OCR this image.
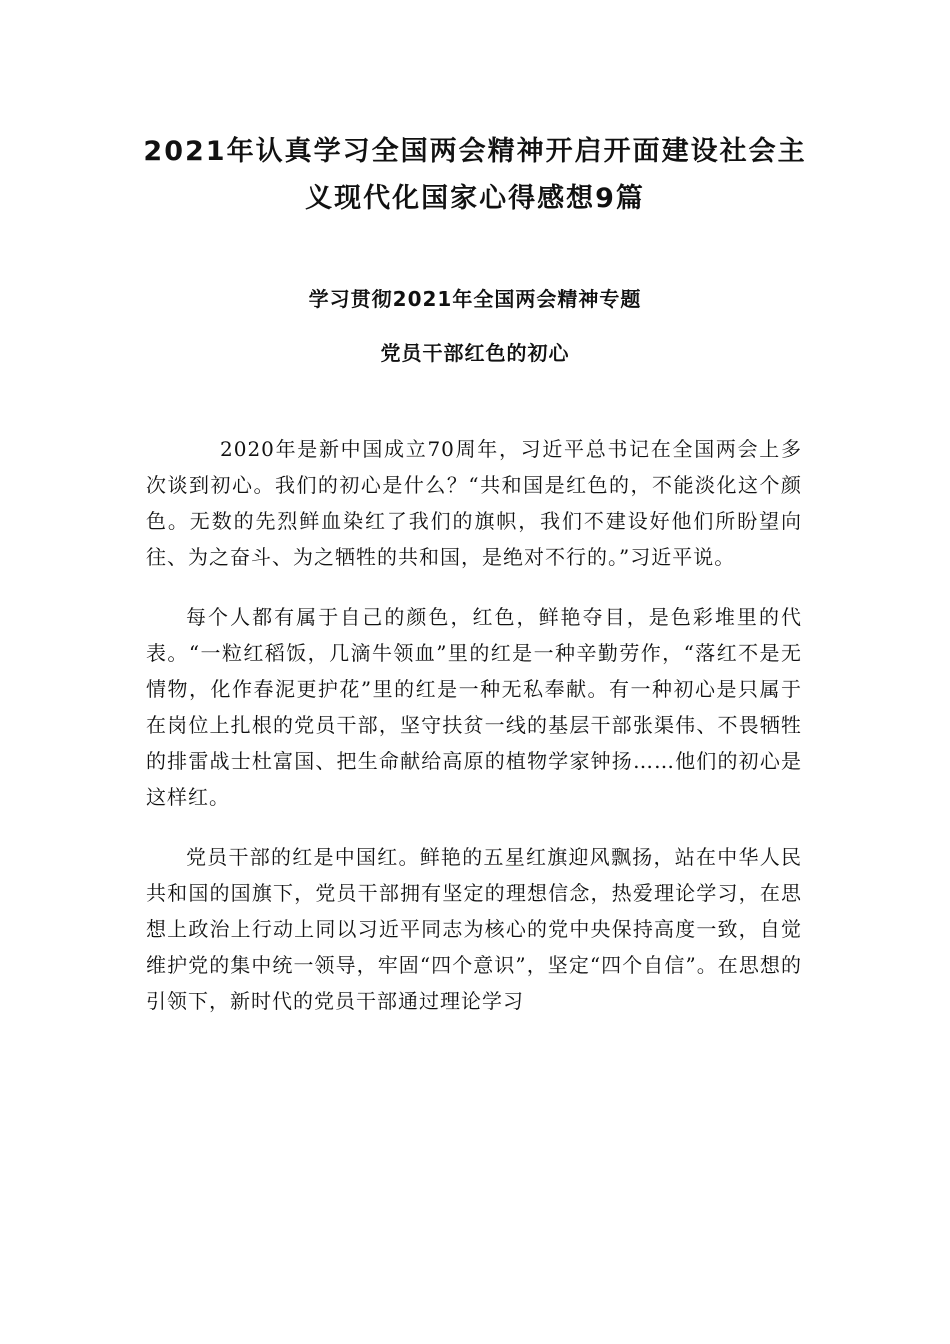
2021年认真学习全国两会精神开启开面建设社会主
义现代化国家心得感想9篇
学习贯彻2021年全国两会精神专题
党员干部红色的初心

2020年是新中国成立70周年，习近平总书记在全国两会上多次谈到初心。我们的初心是什么？“共和国是红色的，不能淡化这个颜色。无数的先烈鲜血染红了我们的旗帜，我们不建设好他们所盼望向往、为之奋斗、为之牺牲的共和国，是绝对不行的。”习近平说。

每个人都有属于自己的颜色，红色，鲜艳夺目，是色彩堆里的代表。“一粒红稻饭，几滴牛领血”里的红是一种辛勤劳作，“落红不是无情物，化作春泥更护花”里的红是一种无私奉献。有一种初心是只属于在岗位上扎根的党员干部，坚守扶贫一线的基层干部张渠伟、不畏牺牲的排雷战士杜富国、把生命献给高原的植物学家钟扬……他们的初心是这样红。

党员干部的红是中国红。鲜艳的五星红旗迎风飘扬，站在中华人民共和国的国旗下，党员干部拥有坚定的理想信念，热爱理论学习，在思想上政治上行动上同以习近平同志为核心的党中央保持高度一致，自觉维护党的集中统一领导，牢固“四个意识”，坚定“四个自信”。在思想的引领下，新时代的党员干部通过理论学习
